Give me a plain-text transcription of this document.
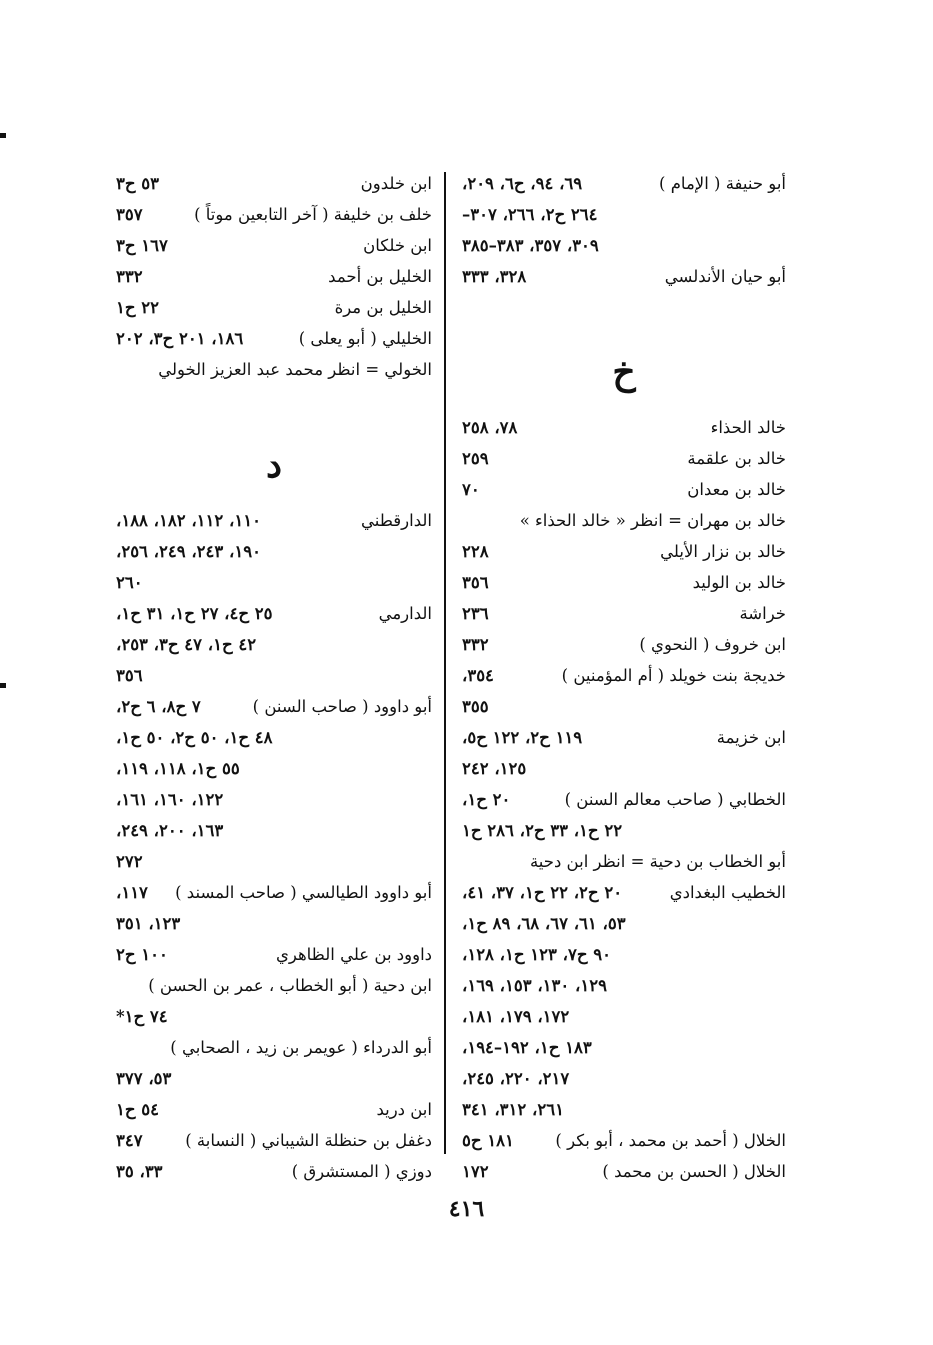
أبو حنيفة ( الإمام )
٦٩، ٩٤، ح٦، ٢٠٩،
٢٦٤ ح٢، ٢٦٦، ٣٠٧–
٣٠٩، ٣٥٧، ٣٨٣–٣٨٥
أبو حيان الأندلسي
٣٢٨، ٣٣٣
خ
خالد الحذاء
٧٨، ٢٥٨
خالد بن علقمة
٢٥٩
خالد بن معدان
٧٠
خالد بن مهران = انظر « خالد الحذاء »
خالد بن نزار الأيلي
٢٢٨
خالد بن الوليد
٣٥٦
خراشة
٢٣٦
ابن خروف ( النحوي )
٣٣٢
خديجة بنت خويلد ( أم المؤمنين )
٣٥٤،
٣٥٥
ابن خزيمة
١١٩ ح٢، ١٢٢ ح٥،
١٢٥، ٢٤٢
الخطابي ( صاحب معالم السنن )
٢٠ ح١،
٢٢ ح١، ٣٣ ح٢، ٢٨٦ ح١
أبو الخطاب بن دحية = انظر ابن دحية
الخطيب البغدادي
٢٠ ح٢، ٢٢ ح١، ٣٧، ٤١،
٥٣، ٦١، ٦٧، ٦٨، ٨٩ ح١،
٩٠ ح٧، ١٢٣ ح١، ١٢٨،
١٢٩، ١٣٠، ١٥٣، ١٦٩،
١٧٢، ١٧٩، ١٨١،
١٨٣ ح١، ١٩٢–١٩٤،
٢١٧، ٢٢٠، ٢٤٥،
٢٦١، ٣١٢، ٣٤١
الخلال ( أحمد بن محمد ، أبو بكر )
١٨١ ح٥
الخلال ( الحسن بن محمد )
١٧٢
ابن خلدون
٥٣ ح٣
خلف بن خليفة ( آخر التابعين موتاً )
٣٥٧
ابن خلكان
١٦٧ ح٣
الخليل بن أحمد
٣٣٢
الخليل بن مرة
٢٢ ح١
الخليلي ( أبو يعلى )
١٨٦، ٢٠١ ح٣، ٢٠٢
الخولي = انظر محمد عبد العزيز الخولي
د
الدارقطني
١١٠، ١١٢، ١٨٢، ١٨٨،
١٩٠، ٢٤٣، ٢٤٩، ٢٥٦،
٢٦٠
الدارمي
٢٥ ح٤، ٢٧ ح١، ٣١ ح١،
٤٢ ح١، ٤٧ ح٣، ٢٥٣،
٣٥٦
أبو داوود ( صاحب السنن )
٧ ح٨، ٦ ح٢،
٤٨ ح١، ٥٠ ح٢، ٥٠ ح١،
٥٥ ح١، ١١٨، ١١٩،
١٢٢، ١٦٠، ١٦١،
١٦٣، ٢٠٠، ٢٤٩،
٢٧٢
أبو داوود الطيالسي ( صاحب المسند )
١١٧،
١٢٣، ٣٥١
داوود بن علي الظاهري
١٠٠ ح٢
ابن دحية ( أبو الخطاب ، عمر بن الحسن )
٧٤ ح١*
أبو الدرداء ( عويمر بن زيد ، الصحابي )
٥٣، ٣٧٧
ابن دريد
٥٤ ح١
دغفل بن حنظلة الشيباني ( النسابة )
٣٤٧
دوزي ( المستشرق )
٣٣، ٣٥
٤١٦
